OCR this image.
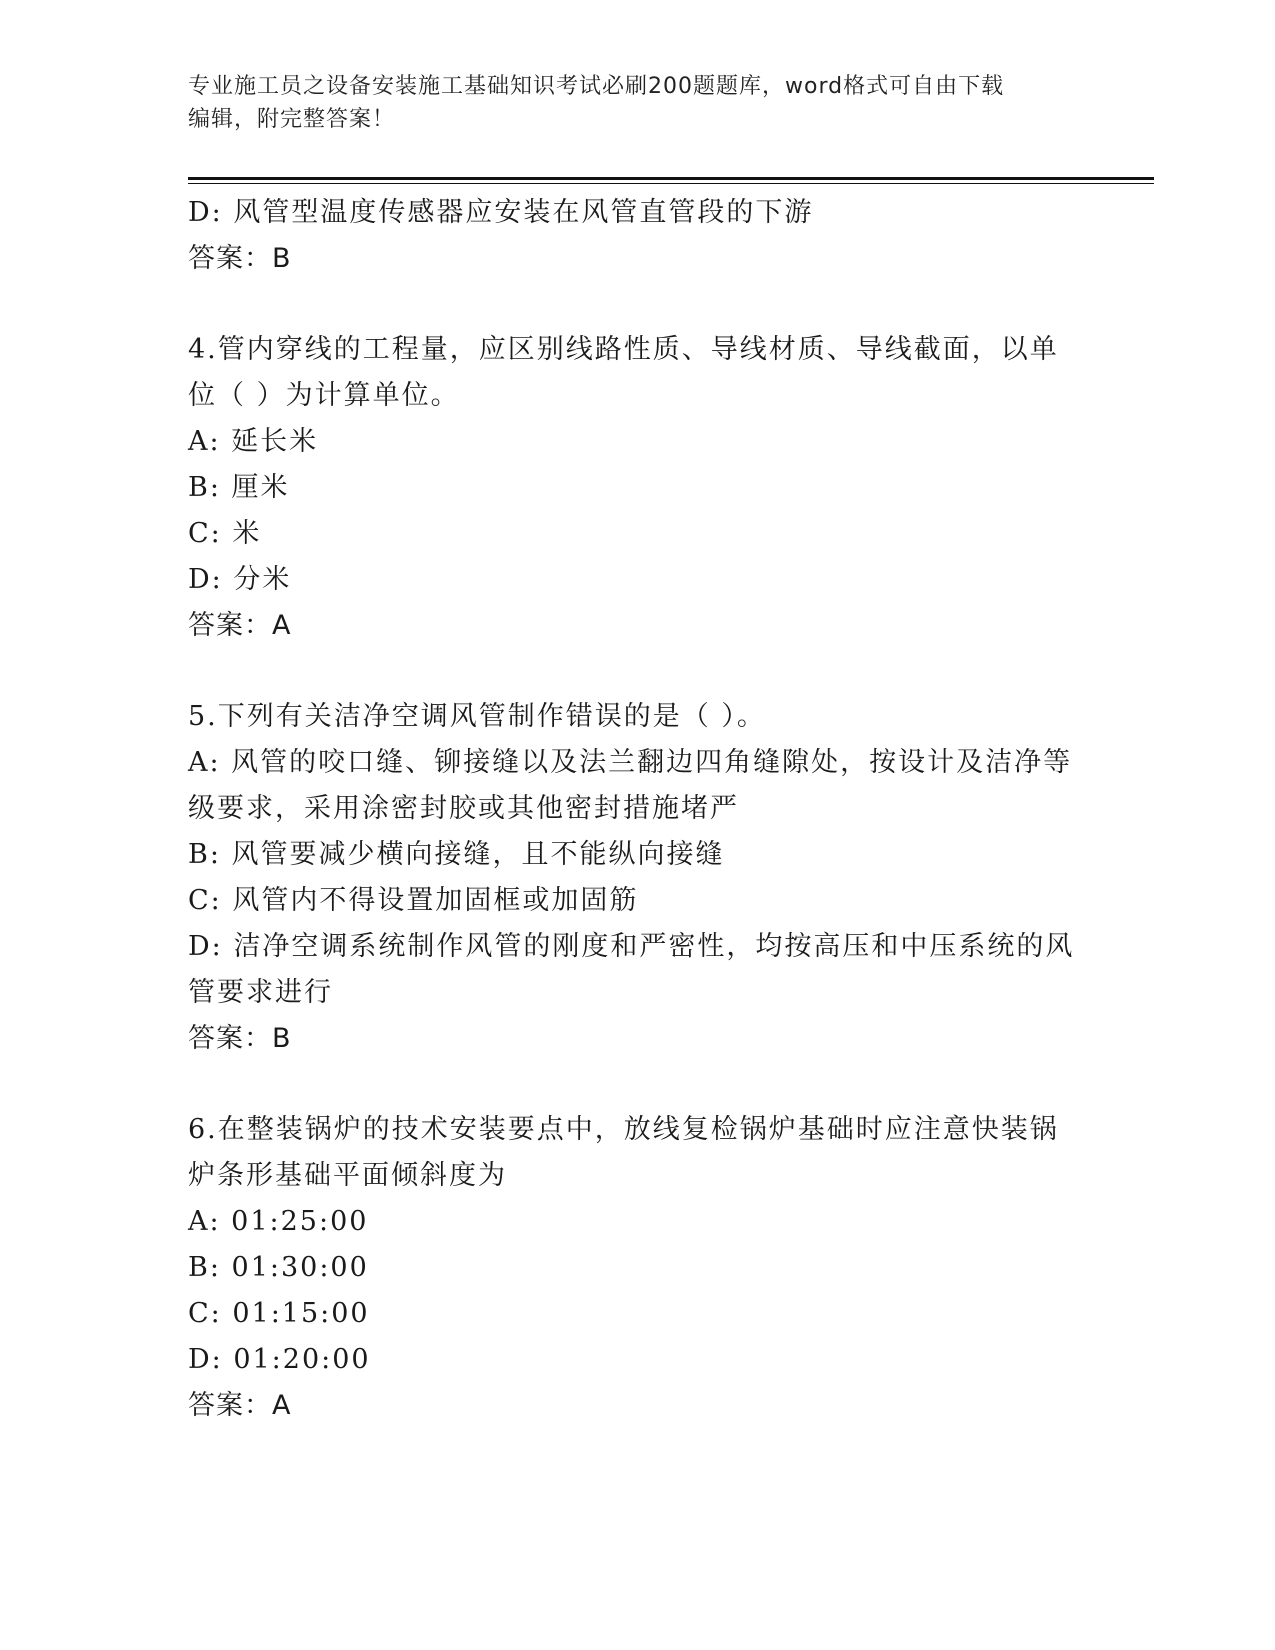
专业施工员之设备安装施工基础知识考试必刷200题题库，word格式可自由下载
编辑，附完整答案！
D: 风管型温度传感器应安装在风管直管段的下游
答案：B
4.管内穿线的工程量，应区别线路性质、导线材质、导线截面，以单
位（ ）为计算单位。
A: 延长米
B: 厘米
C: 米
D: 分米
答案：A
5.下列有关洁净空调风管制作错误的是（ ）。
A: 风管的咬口缝、铆接缝以及法兰翻边四角缝隙处，按设计及洁净等
级要求，采用涂密封胶或其他密封措施堵严
B: 风管要减少横向接缝，且不能纵向接缝
C: 风管内不得设置加固框或加固筋
D: 洁净空调系统制作风管的刚度和严密性，均按高压和中压系统的风
管要求进行
答案：B
6.在整装锅炉的技术安装要点中，放线复检锅炉基础时应注意快装锅
炉条形基础平面倾斜度为
A: 01:25:00
B: 01:30:00
C: 01:15:00
D: 01:20:00
答案：A
